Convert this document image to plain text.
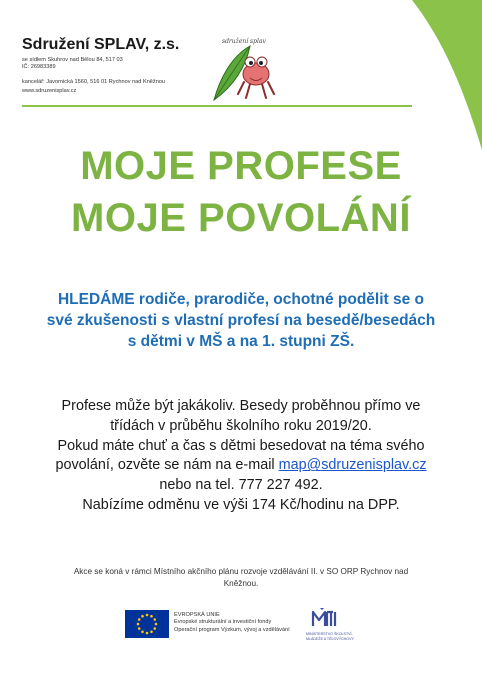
Sdružení SPLAV, z.s.
se sídlem Skuhrov nad Bělou 84, 517 03
IČ: 26983389
kancelář: Javornická 1560, 516 01 Rychnov nad Kněžnou
www.sdruzenisplav.cz
sdružení splav
MOJE PROFESE
MOJE POVOLÁNÍ
HLEDÁME rodiče, prarodiče, ochotné podělit se o
své zkušenosti s vlastní profesí na besedě/besedách
s dětmi v MŠ a na 1. stupni ZŠ.
Profese může být jakákoliv. Besedy proběhnou přímo ve
třídách v průběhu školního roku 2019/20.
Pokud máte chuť a čas s dětmi besedovat na téma svého
povolání, ozvěte se nám na e-mail map@sdruzenisplav.cz
nebo na tel. 777 227 492.
Nabízíme odměnu ve výši 174 Kč/hodinu na DPP.
Akce se koná v rámci Místního akčního plánu rozvoje vzdělávání II. v SO ORP Rychnov nad
Kněžnou.
EVROPSKÁ UNIE
Evropské strukturální a investiční fondy
Operační program Výzkum, vývoj a vzdělávání
MINISTERSTVO ŠKOLSTVÍ,
MLÁDEŽE A TĚLOVÝCHOVY
